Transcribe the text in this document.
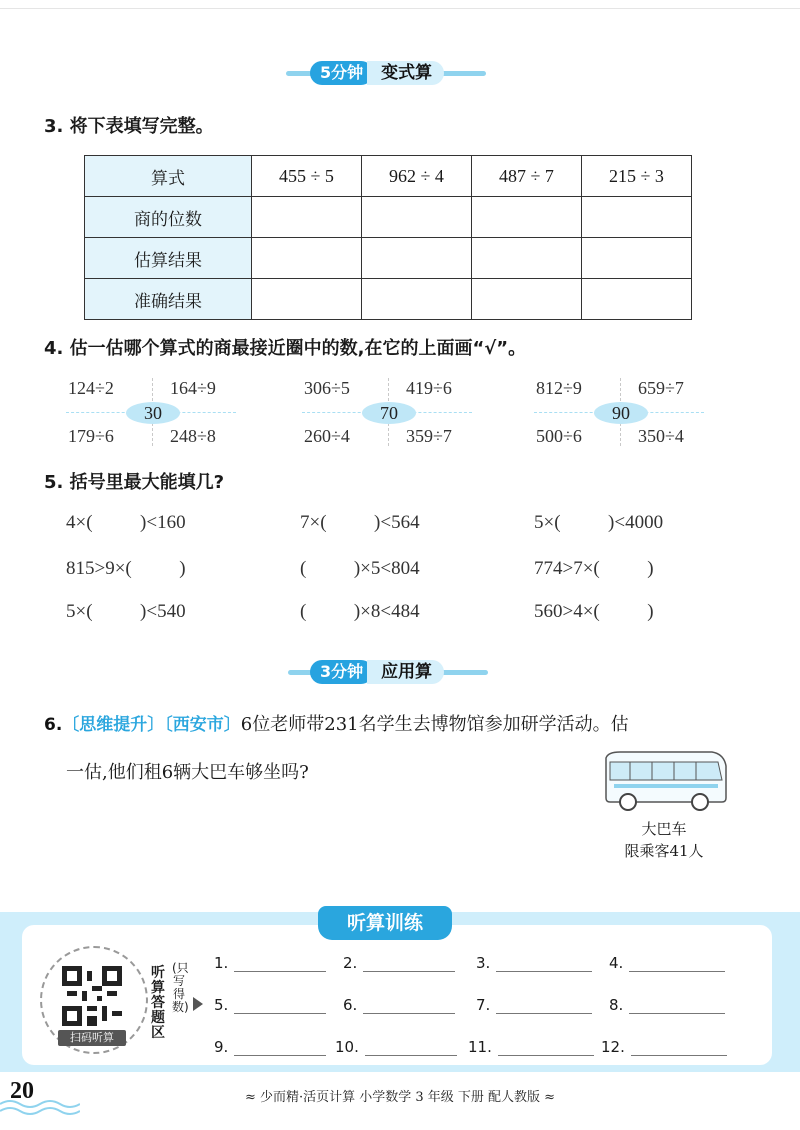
5分钟	变式算
3. 将下表填写完整。
算式	455 ÷ 5	962 ÷ 4	487 ÷ 7	215 ÷ 3
商的位数				
估算结果				
准确结果				
4. 估一估哪个算式的商最接近圈中的数,在它的上面画“√”。
124÷2	164÷9
30
179÷6	248÷8
306÷5	419÷6
70
260÷4	359÷7
812÷9	659÷7
90
500÷6	350÷4
5. 括号里最大能填几?
4×(          )<160	7×(          )<564	5×(          )<4000
815>9×(          )	(          )×5<804	774>7×(          )
5×(          )<540	(          )×8<484	560>4×(          )
3分钟	应用算
6.〔思维提升〕〔西安市〕6位老师带231名学生去博物馆参加研学活动。估
一估,他们租6辆大巴车够坐吗?
大巴车
限乘客41人
听算训练
扫码听算
听算答题区
(只写得数)
1.	2.	3.	4.
5.	6.	7.	8.
9.	10.	11.	12.
20	≈ 少而精·活页计算 小学数学 3 年级 下册 配人教版 ≈
